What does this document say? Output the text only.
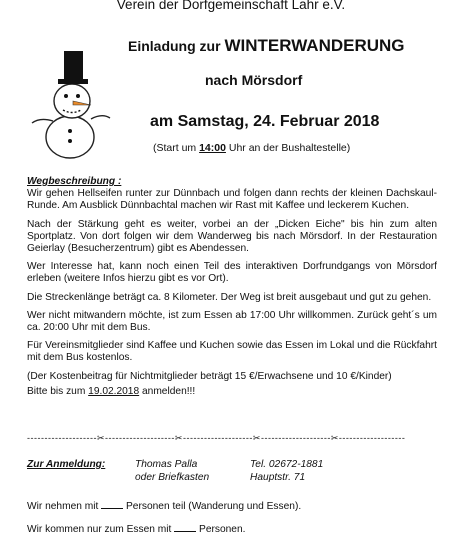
Verein der Dorfgemeinschaft Lahr e.V.
Einladung zur WINTERWANDERUNG
nach Mörsdorf
am Samstag, 24. Februar 2018
(Start um 14:00 Uhr an der Bushaltestelle)

Wegbeschreibung :
Wir gehen Hellseifen runter zur Dünnbach und folgen dann rechts der kleinen Dachskaul-Runde. Am Ausblick Dünnbachtal machen wir Rast mit Kaffee und leckerem Kuchen.

Nach der Stärkung geht es weiter, vorbei an der „Dicken Eiche" bis hin zum alten Sportplatz. Von dort folgen wir dem Wanderweg bis nach Mörsdorf. In der Restauration Geierlay (Besucherzentrum) gibt es Abendessen.

Wer Interesse hat, kann noch einen Teil des interaktiven Dorfrundgangs von Mörsdorf erleben (weitere Infos hierzu gibt es vor Ort).

Die Streckenlänge beträgt ca. 8 Kilometer. Der Weg ist breit ausgebaut und gut zu gehen.

Wer nicht mitwandern möchte, ist zum Essen ab 17:00 Uhr willkommen. Zurück geht´s um ca. 20:00 Uhr mit dem Bus.

Für Vereinsmitglieder sind Kaffee und Kuchen sowie das Essen im Lokal und die Rückfahrt mit dem Bus kostenlos.

(Der Kostenbeitrag für Nichtmitglieder beträgt 15 €/Erwachsene und 10 €/Kinder)

Bitte bis zum 19.02.2018 anmelden!!!

--------------------✂--------------------✂--------------------✂--------------------✂-------------------
Zur Anmeldung:	Thomas Palla
oder Briefkasten
Tel. 02672-1881
Hauptstr. 71
Wir nehmen mit  Personen teil (Wanderung und Essen).
Wir kommen nur zum Essen mit  Personen.
